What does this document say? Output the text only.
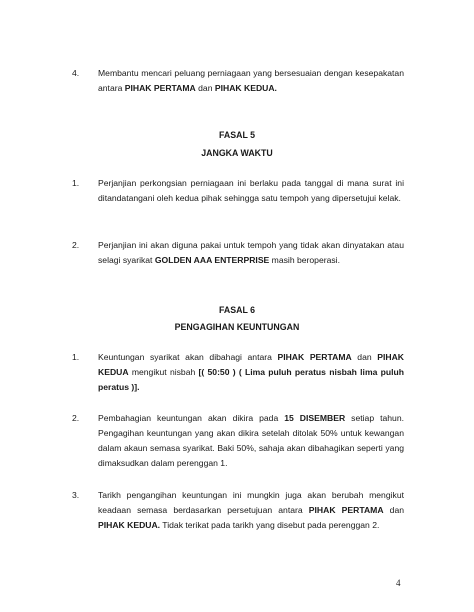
4. Membantu mencari peluang perniagaan yang bersesuaian dengan kesepakatan antara PIHAK PERTAMA dan PIHAK KEDUA.
FASAL 5
JANGKA WAKTU
1. Perjanjian perkongsian perniagaan ini berlaku pada tanggal di mana surat ini ditandatangani oleh kedua pihak sehingga satu tempoh yang dipersetujui kelak.
2. Perjanjian ini akan diguna pakai untuk tempoh yang tidak akan dinyatakan atau selagi syarikat GOLDEN AAA ENTERPRISE masih beroperasi.
FASAL 6
PENGAGIHAN KEUNTUNGAN
1. Keuntungan syarikat akan dibahagi antara PIHAK PERTAMA dan PIHAK KEDUA mengikut nisbah [( 50:50 ) ( Lima puluh peratus nisbah lima puluh peratus )].
2. Pembahagian keuntungan akan dikira pada 15 DISEMBER setiap tahun. Pengagihan keuntungan yang akan dikira setelah ditolak 50% untuk kewangan dalam akaun semasa syarikat. Baki 50%, sahaja akan dibahagikan seperti yang dimaksudkan dalam perenggan 1.
3. Tarikh pengangihan keuntungan ini mungkin juga akan berubah mengikut keadaan semasa berdasarkan persetujuan antara PIHAK PERTAMA dan PIHAK KEDUA. Tidak terikat pada tarikh yang disebut pada perenggan 2.
4
